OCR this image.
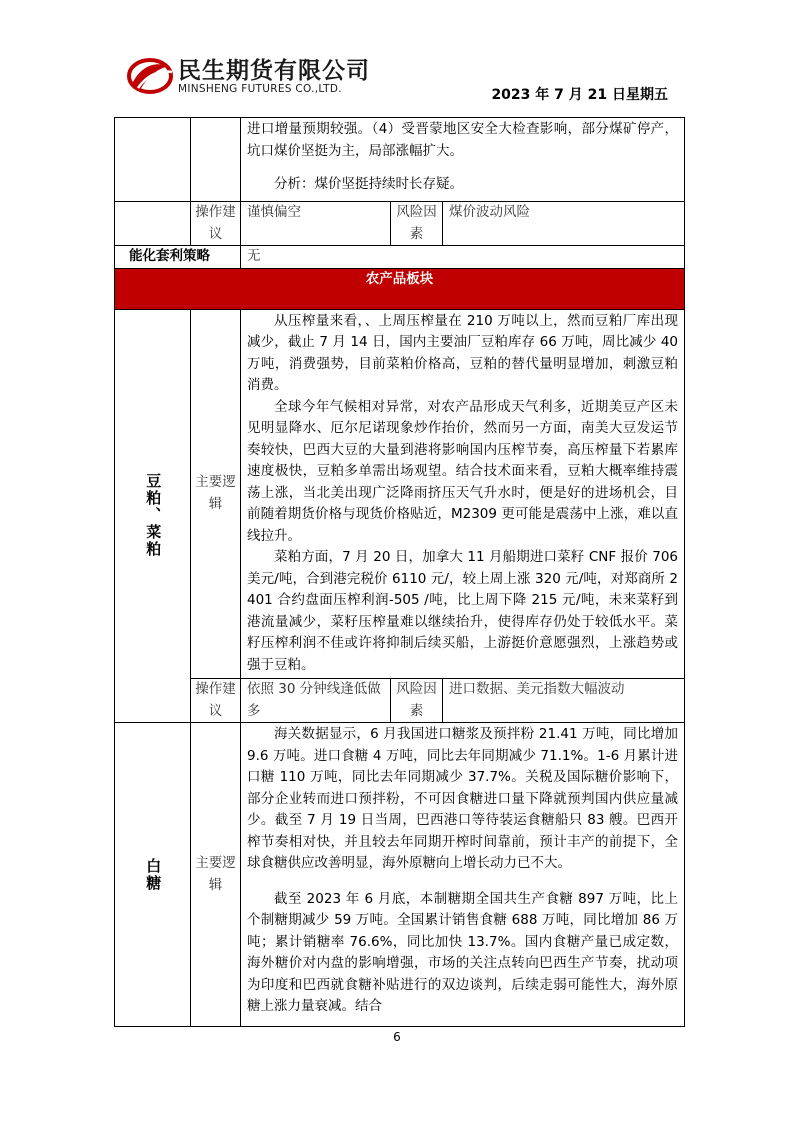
民生期货有限公司
MINSHENG FUTURES CO.,LTD.	2023 年 7 月 21 日星期五

		进口增量预期较强。（4）受晋蒙地区安全大检查影响，部分煤矿停产，坑口煤价坚挺为主，局部涨幅扩大。

分析：煤价坚挺持续时长存疑。		

	操作建议	谨慎偏空	风险因素	煤价波动风险
能化套利策略		无		
农产品板块				

豆粕、菜粕	主要逻辑	从压榨量来看，、上周压榨量在 210 万吨以上，然而豆粕厂库出现减少，截止 7 月 14 日，国内主要油厂豆粕库存 66 万吨，周比减少 40 万吨，消费强势，目前菜粕价格高，豆粕的替代量明显增加，刺激豆粕消费。

全球今年气候相对异常，对农产品形成天气利多，近期美豆产区未见明显降水、厄尔尼诺现象炒作抬价，然而另一方面，南美大豆发运节奏较快，巴西大豆的大量到港将影响国内压榨节奏，高压榨量下若累库速度极快，豆粕多单需出场观望。结合技术面来看，豆粕大概率维持震荡上涨，当北美出现广泛降雨挤压天气升水时，便是好的进场机会，目前随着期货价格与现货价格贴近，M2309 更可能是震荡中上涨，难以直线拉升。

菜粕方面，7 月 20 日，加拿大 11 月船期进口菜籽 CNF 报价 706 美元/吨，合到港完税价 6110 元/，较上周上涨 320 元/吨，对郑商所 2401 合约盘面压榨利润-505 /吨，比上周下降 215 元/吨，未来菜籽到港流量减少，菜籽压榨量难以继续抬升，使得库存仍处于较低水平。菜籽压榨利润不佳或许将抑制后续买船，上游挺价意愿强烈，上涨趋势或强于豆粕。		

	操作建议	依照 30 分钟线逢低做多	风险因素	进口数据、美元指数大幅波动

白糖	主要逻辑	海关数据显示，6 月我国进口糖浆及预拌粉 21.41 万吨，同比增加 9.6 万吨。进口食糖 4 万吨，同比去年同期减少 71.1%。1-6 月累计进口糖 110 万吨，同比去年同期减少 37.7%。关税及国际糖价影响下，部分企业转而进口预拌粉，不可因食糖进口量下降就预判国内供应量减少。截至 7 月 19 日当周，巴西港口等待装运食糖船只 83 艘。巴西开榨节奏相对快，并且较去年同期开榨时间靠前，预计丰产的前提下，全球食糖供应改善明显，海外原糖向上增长动力已不大。

截至 2023 年 6 月底，本制糖期全国共生产食糖 897 万吨，比上个制糖期减少 59 万吨。全国累计销售食糖 688 万吨，同比增加 86 万吨；累计销糖率 76.6%，同比加快 13.7%。国内食糖产量已成定数，海外糖价对内盘的影响增强，市场的关注点转向巴西生产节奏，扰动项为印度和巴西就食糖补贴进行的双边谈判，后续走弱可能性大，海外原糖上涨力量衰减。结合		

6
